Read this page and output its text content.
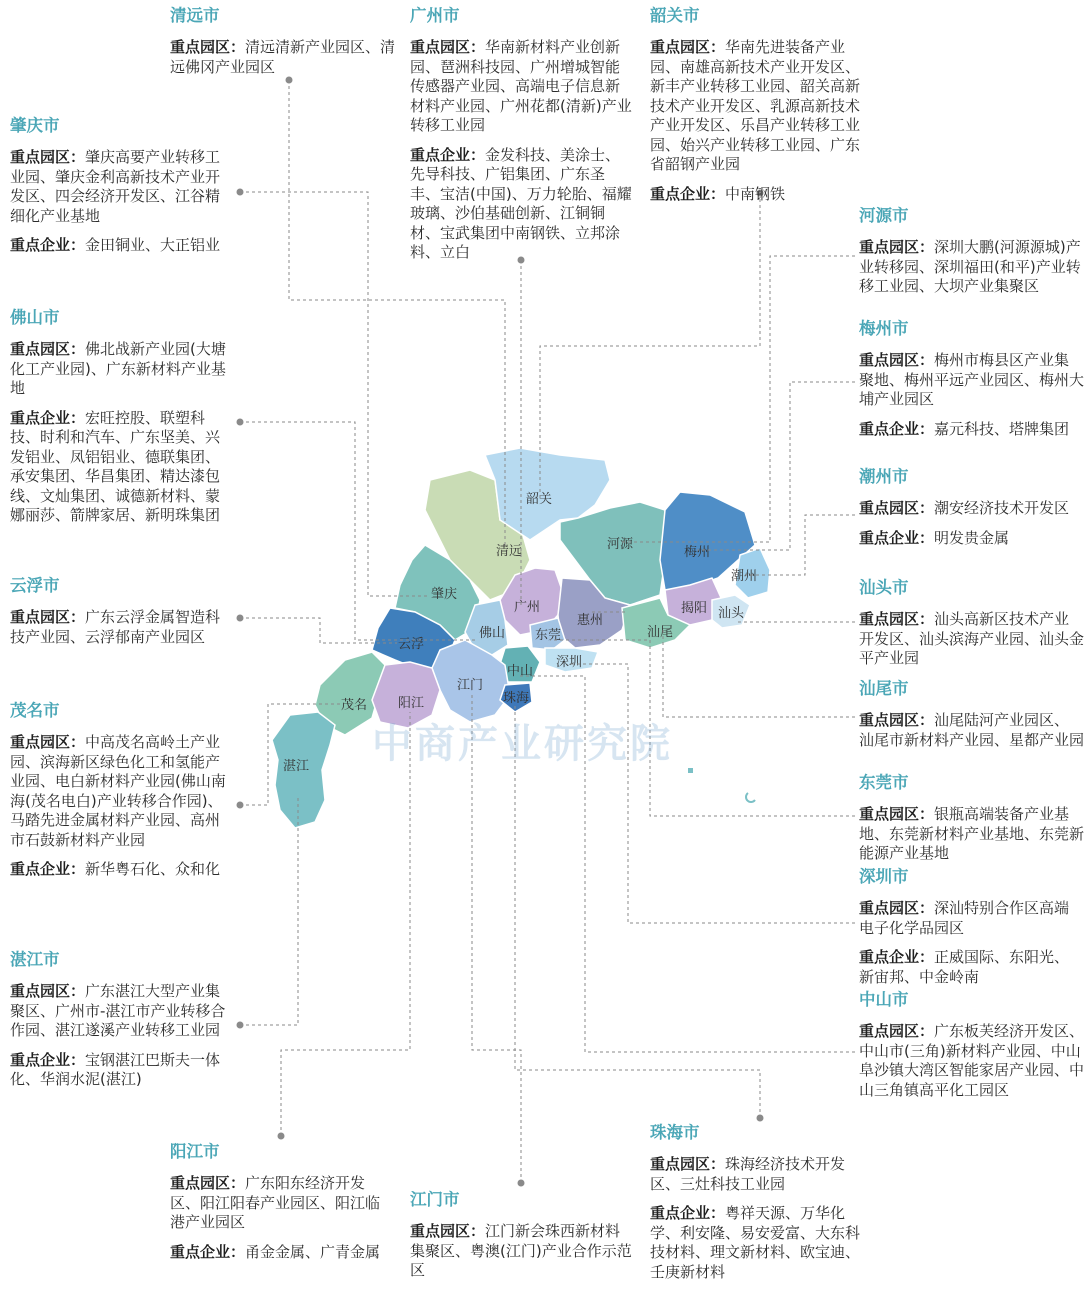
清远
韶关
河源
梅州
潮州
肇庆
广州
惠州
揭阳 汕头
云浮
佛山 东莞	汕尾
深圳
中山
江门
珠海
茂名 阳江
湛江 中商产业研究院
清远市

重点园区：清远清新产业园区、清远佛冈产业园区

广州市

重点园区：华南新材料产业创新园、琶洲科技园、广州增城智能传感器产业园、高端电子信息新材料产业园、广州花都(清新)产业转移工业园

重点企业：金发科技、美涂士、先导科技、广铝集团、广东圣丰、宝洁(中国)、万力轮胎、福耀玻璃、沙伯基础创新、江铜铜材、宝武集团中南钢铁、立邦涂料、立白

韶关市

重点园区：华南先进装备产业园、南雄高新技术产业开发区、新丰产业转移工业园、韶关高新技术产业开发区、乳源高新技术产业开发区、乐昌产业转移工业园、始兴产业转移工业园、广东省韶钢产业园

重点企业：中南钢铁

肇庆市

重点园区：肇庆高要产业转移工业园、肇庆金利高新技术产业开发区、四会经济开发区、江谷精细化产业基地

重点企业：金田铜业、大正铝业

河源市

重点园区：深圳大鹏(河源源城)产业转移园、深圳福田(和平)产业转移工业园、大坝产业集聚区

佛山市

重点园区：佛北战新产业园(大塘化工产业园)、广东新材料产业基地

重点企业：宏旺控股、联塑科技、时利和汽车、广东坚美、兴发铝业、凤铝铝业、德联集团、承安集团、华昌集团、精达漆包线、文灿集团、诚德新材料、蒙娜丽莎、箭牌家居、新明珠集团

梅州市

重点园区：梅州市梅县区产业集聚地、梅州平远产业园区、梅州大埔产业园区

重点企业：嘉元科技、塔牌集团

潮州市

重点园区：潮安经济技术开发区

重点企业：明发贵金属

云浮市

重点园区：广东云浮金属智造科技产业园、云浮郁南产业园区

汕头市

重点园区：汕头高新区技术产业开发区、汕头滨海产业园、汕头金平产业园

汕尾市

重点园区：汕尾陆河产业园区、汕尾市新材料产业园、星都产业园

茂名市

重点园区：中高茂名高岭土产业园、滨海新区绿色化工和氢能产业园、电白新材料产业园(佛山南海(茂名电白)产业转移合作园)、马踏先进金属材料产业园、高州市石鼓新材料产业园

重点企业：新华粤石化、众和化

东莞市

重点园区：银瓶高端装备产业基地、东莞新材料产业基地、东莞新能源产业基地

深圳市

重点园区：深汕特别合作区高端电子化学品园区

重点企业：正威国际、东阳光、新宙邦、中金岭南

湛江市

重点园区：广东湛江大型产业集聚区、广州市-湛江市产业转移合作园、湛江遂溪产业转移工业园

重点企业：宝钢湛江巴斯夫一体化、华润水泥(湛江)

中山市

重点园区：广东板芙经济开发区、中山市(三角)新材料产业园、中山阜沙镇大湾区智能家居产业园、中山三角镇高平化工园区

阳江市

重点园区：广东阳东经济开发区、阳江阳春产业园区、阳江临港产业园区

重点企业：甬金金属、广青金属

珠海市

重点园区：珠海经济技术开发区、三灶科技工业园

重点企业：粤祥天源、万华化学、利安隆、易安爱富、大东科技材料、理文新材料、欧宝迪、壬庚新材料

江门市

重点园区：江门新会珠西新材料集聚区、粤澳(江门)产业合作示范区
